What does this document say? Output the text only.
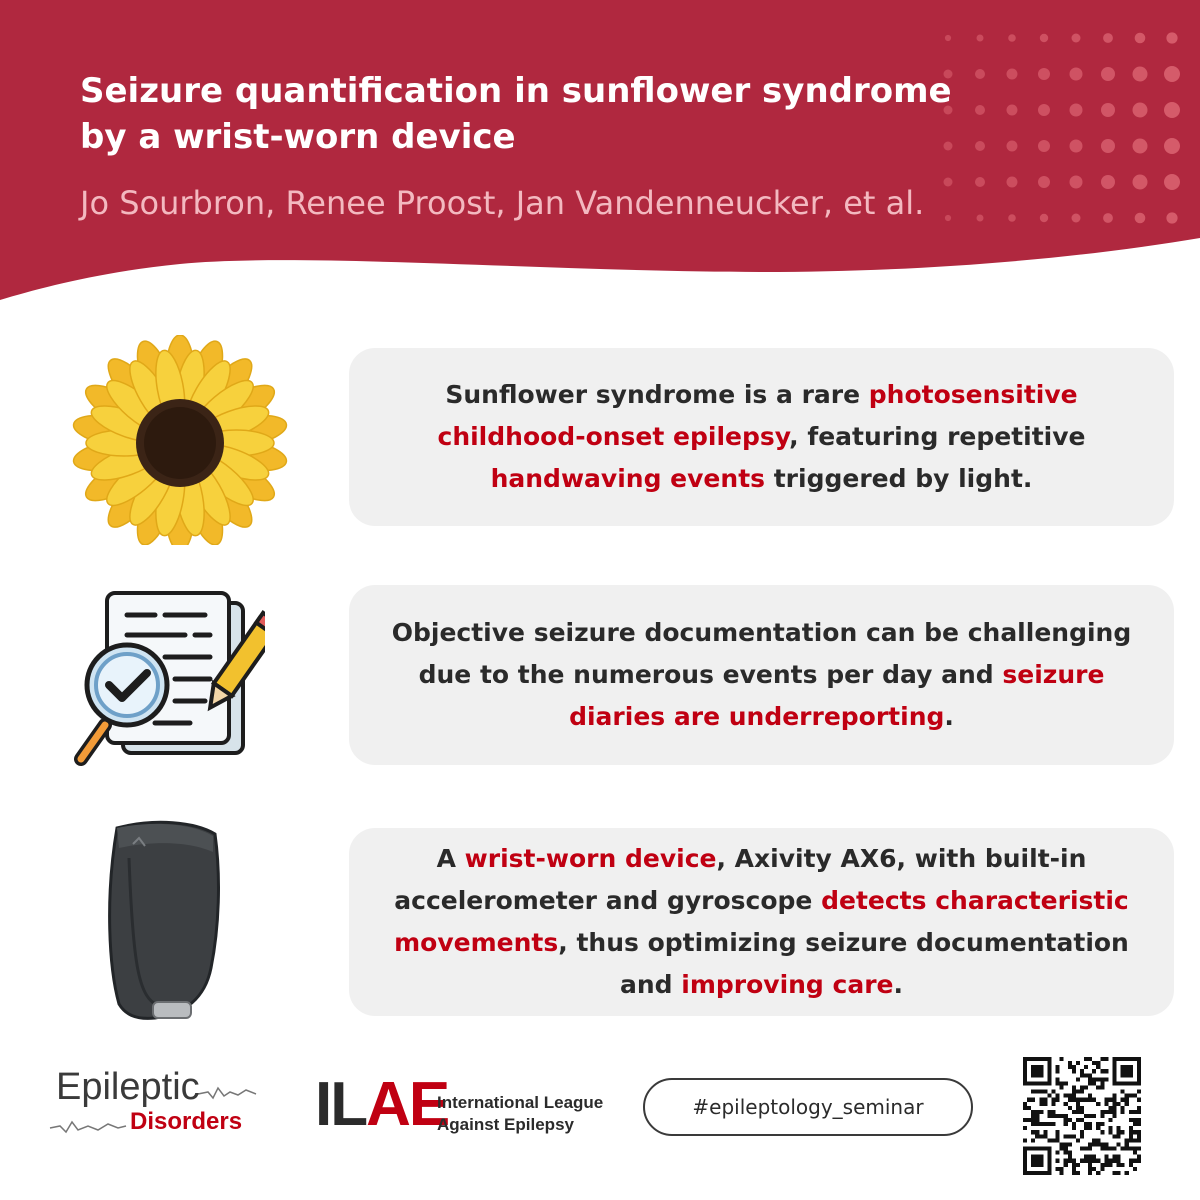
Seizure quantification in sunflower syndrome by a wrist-worn device

Jo Sourbron, Renee Proost, Jan Vandenneucker, et al.

Sunflower syndrome is a rare photosensitive childhood-onset epilepsy, featuring repetitive handwaving events triggered by light.

Objective seizure documentation can be challenging due to the numerous events per day and seizure diaries are underreporting.

A wrist-worn device, Axivity AX6, with built-in accelerometer and gyroscope detects characteristic movements, thus optimizing seizure documentation and improving care.

Epileptic

Disorders ILAE

International League Against Epilepsy

#epileptology_seminar
